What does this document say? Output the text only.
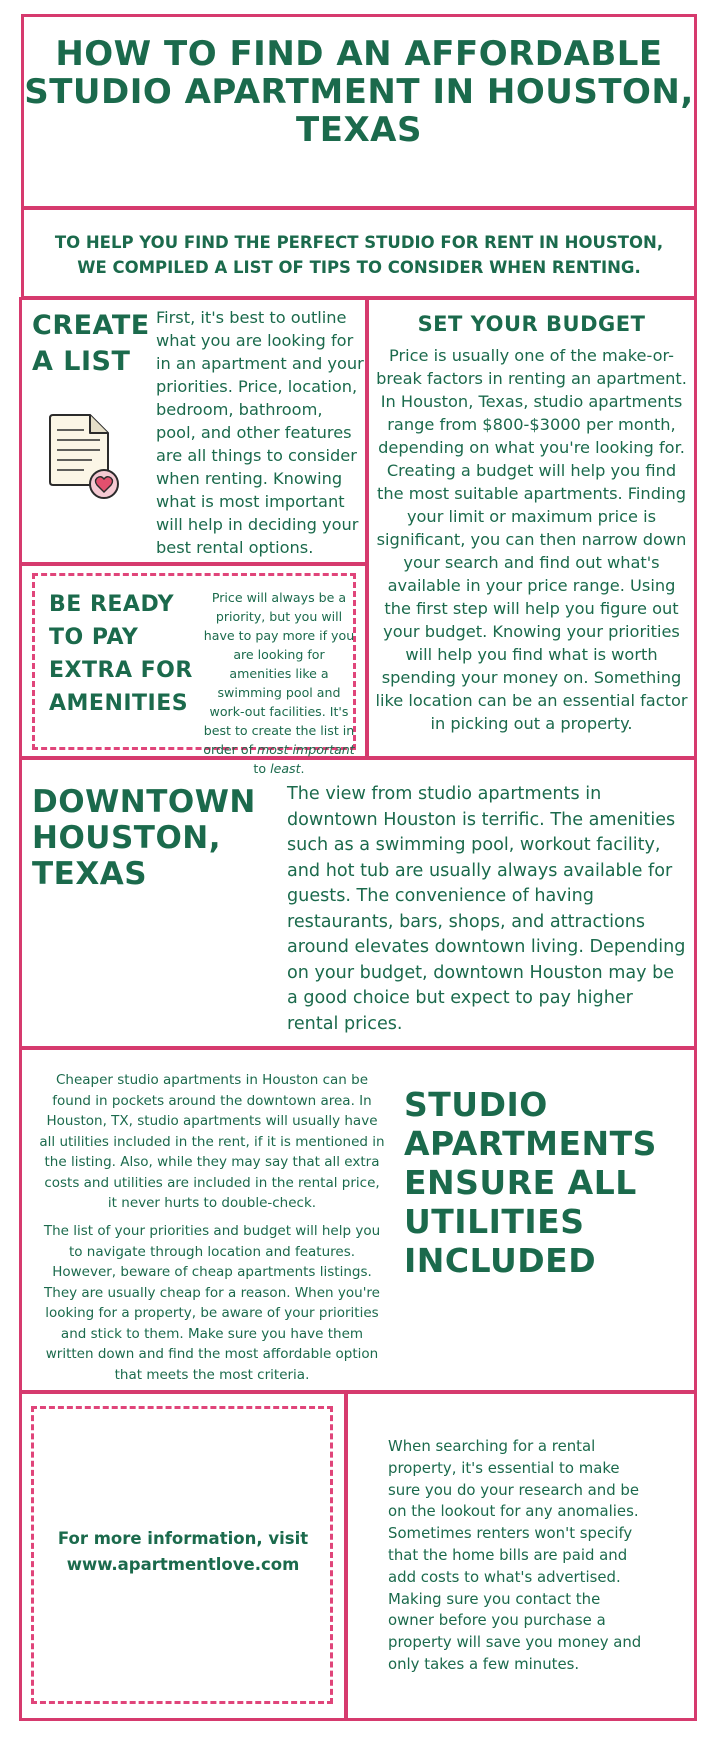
HOW TO FIND AN AFFORDABLE STUDIO APARTMENT IN HOUSTON, TEXAS
TO HELP YOU FIND THE PERFECT STUDIO FOR RENT IN HOUSTON, WE COMPILED A LIST OF TIPS TO CONSIDER WHEN RENTING.
CREATE A LIST
First, it's best to outline what you are looking for in an apartment and your priorities. Price, location, bedroom, bathroom, pool, and other features are all things to consider when renting. Knowing what is most important will help in deciding your best rental options.
SET YOUR BUDGET
Price is usually one of the make-or-break factors in renting an apartment. In Houston, Texas, studio apartments range from $800-$3000 per month, depending on what you're looking for. Creating a budget will help you find the most suitable apartments. Finding your limit or maximum price is significant, you can then narrow down your search and find out what's available in your price range. Using the first step will help you figure out your budget. Knowing your priorities will help you find what is worth spending your money on. Something like location can be an essential factor in picking out a property.
BE READY TO PAY EXTRA FOR AMENITIES
Price will always be a priority, but you will have to pay more if you are looking for amenities like a swimming pool and work-out facilities. It's best to create the list in order of most important to least.
DOWNTOWN HOUSTON, TEXAS
The view from studio apartments in downtown Houston is terrific. The amenities such as a swimming pool, workout facility, and hot tub are usually always available for guests. The convenience of having restaurants, bars, shops, and attractions around elevates downtown living. Depending on your budget, downtown Houston may be a good choice but expect to pay higher rental prices.
Cheaper studio apartments in Houston can be found in pockets around the downtown area. In Houston, TX, studio apartments will usually have all utilities included in the rent, if it is mentioned in the listing. Also, while they may say that all extra costs and utilities are included in the rental price, it never hurts to double-check.
The list of your priorities and budget will help you to navigate through location and features. However, beware of cheap apartments listings. They are usually cheap for a reason. When you're looking for a property, be aware of your priorities and stick to them. Make sure you have them written down and find the most affordable option that meets the most criteria.
STUDIO APARTMENTS ENSURE ALL UTILITIES INCLUDED
For more information, visit www.apartmentlove.com
When searching for a rental property, it's essential to make sure you do your research and be on the lookout for any anomalies. Sometimes renters won't specify that the home bills are paid and add costs to what's advertised. Making sure you contact the owner before you purchase a property will save you money and only takes a few minutes.
